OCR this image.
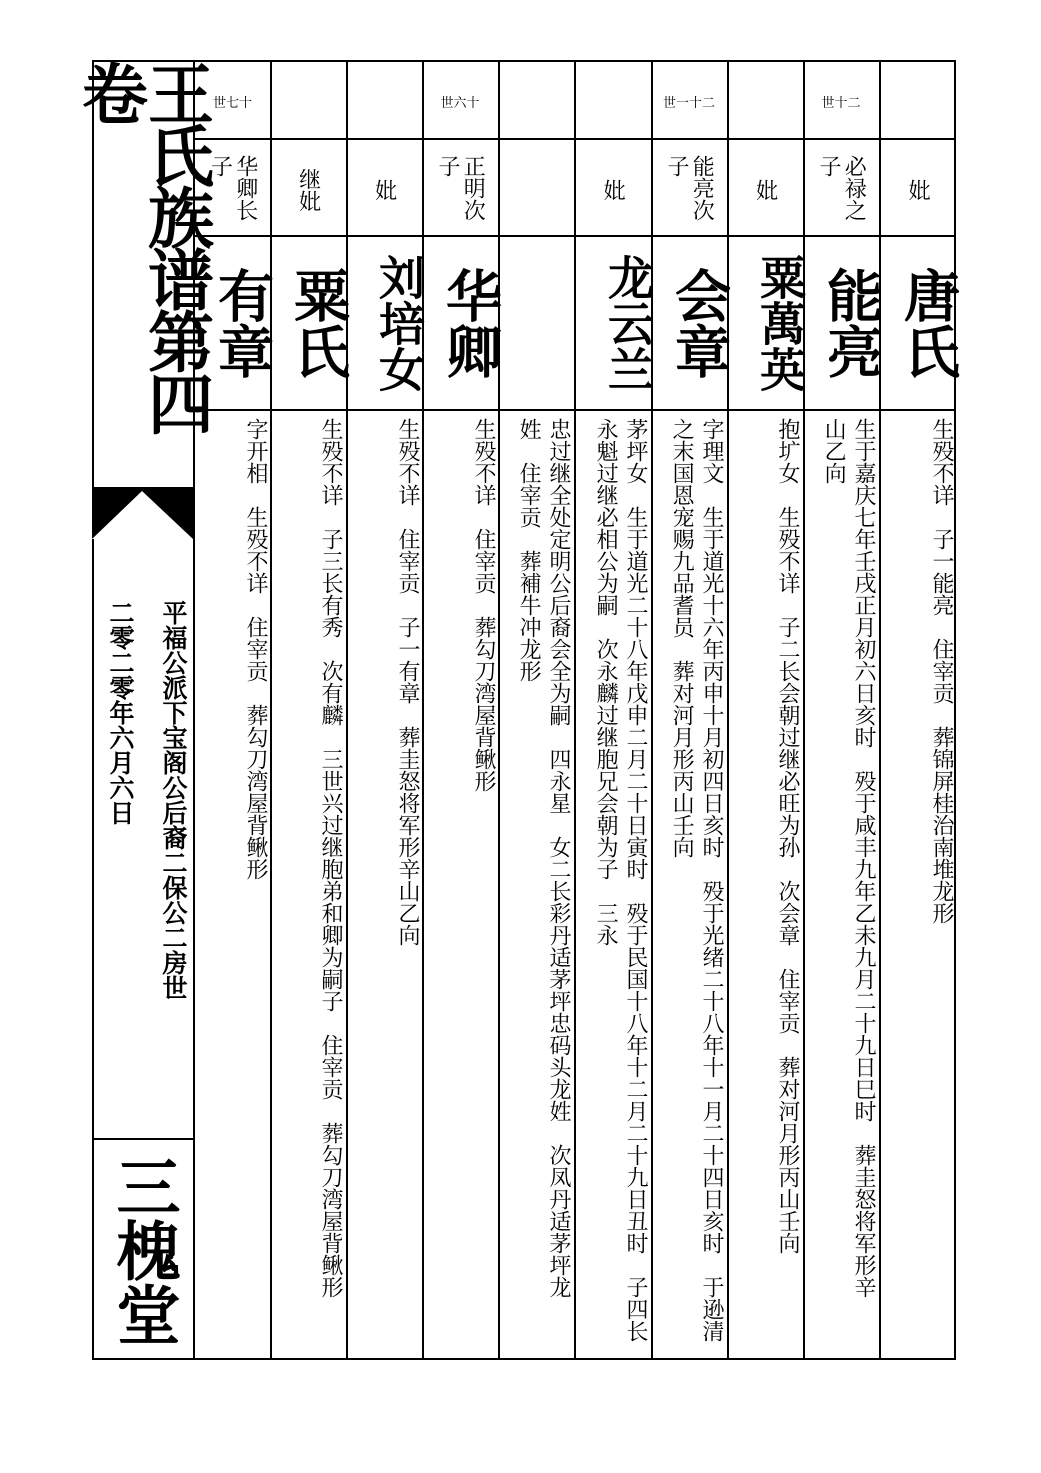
王氏族谱第四卷
平福公派下宝阁公后裔二保公二房世
二零二零年六月六日
三槐堂
妣
唐氏
生殁不详　子一能亮　住宰贡　葬锦屏桂治南堆龙形
世十二
必禄之子
能亮
生于嘉庆七年壬戌正月初六日亥时　殁于咸丰九年乙未九月二十九日巳时　葬圭怒将军形辛山乙向
妣
粟萬英
抱圹女　生殁不详　子二长会朝过继必旺为孙　次会章　住宰贡　葬对河月形丙山壬向
世一十二
能亮次子
会章
字理文　生于道光十六年丙申十月初四日亥时　殁于光绪二十八年十一月二十四日亥时　于逊清之末国恩宠赐九品耆员　葬对河月形丙山壬向
妣
龙云兰
茅坪女　生于道光二十八年戊申二月二十日寅时　殁于民国十八年十二月二十九日丑时　子四长永魁过继必相公为嗣　次永麟过继胞兄会朝为子　三永
忠过继全处定明公后裔会全为嗣　四永星　女二长彩丹适茅坪忠码头龙姓　次凤丹适茅坪龙姓　住宰贡　葬補牛冲龙形
世六十
正明次子
华卿
生殁不详　住宰贡　葬勾刀湾屋背鳅形
妣
刘培女
生殁不详　住宰贡　子一有章　葬圭怒将军形辛山乙向
继妣
粟氏
生殁不详　子三长有秀　次有麟　三世兴过继胞弟和卿为嗣子　住宰贡　葬勾刀湾屋背鳅形
世七十
华卿长子
有章
字开相　生殁不详　住宰贡　葬勾刀湾屋背鳅形
